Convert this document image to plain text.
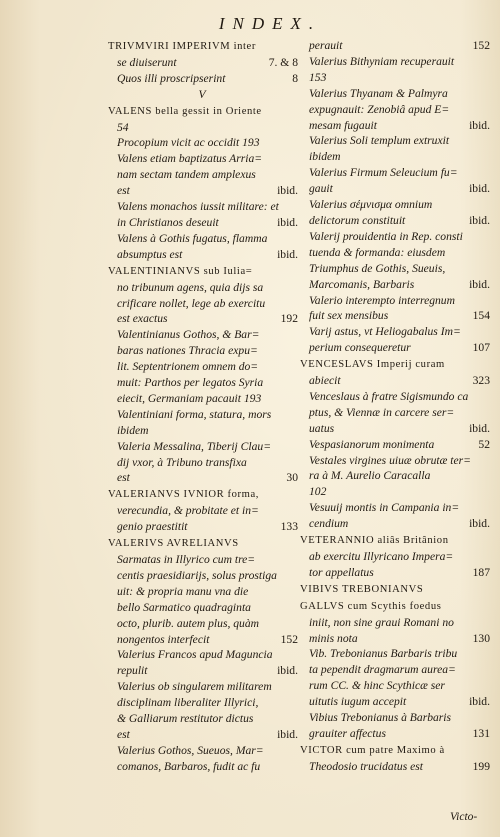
INDEX.
TRIVMVIRI IMPERIVM inter
se diuiserunt	7. & 8
Quos illi proscripserint	8
V
VALENS bella gessit in Oriente
54
Procopium vicit ac occidit 193
Valens etiam baptizatus Arria=
nam sectam tandem amplexus
est	ibid.
Valens monachos iussit militare: et
in Christianos deseuit	ibid.
Valens à Gothis fugatus, flamma
absumptus est	ibid.
VALENTINIANVS sub Iulia=
no tribunum agens, quia dijs sa
crificare nollet, lege ab exercitu
est exactus	192
Valentinianus Gothos, & Bar=
baras nationes Thracia expu=
lit. Septentrionem omnem do=
muit: Parthos per legatos Syria
eiecit, Germaniam pacauit 193
Valentiniani forma, statura, mors
ibidem
Valeria Messalina, Tiberij Clau=
dij vxor, à Tribuno transfixa
est	30
VALERIANVS IVNIOR forma,
verecundia, & probitate et in=
genio praestitit	133
VALERIVS AVRELIANVS
Sarmatas in Illyrico cum tre=
centis praesidiarijs, solus prostiga
uit: & propria manu vna die
bello Sarmatico quadraginta
octo, plurib. autem plus, quàm
nongentos interfecit	152
Valerius Francos apud Maguncia
repulit	ibid.
Valerius ob singularem militarem
disciplinam liberaliter Illyrici,
& Galliarum restitutor dictus
est	ibid.
Valerius Gothos, Sueuos, Mar=
comanos, Barbaros, fudit ac fu
perauit	152
Valerius Bithyniam recuperauit
153
Valerius Thyanam & Palmyra
expugnauit: Zenobiâ apud E=
mesam fugauit	ibid.
Valerius Soli templum extruxit
ibidem
Valerius Firmum Seleucium fu=
gauit	ibid.
Valerius σέμνισμα omnium
delictorum constituit	ibid.
Valerij prouidentia in Rep. consti
tuenda & formanda: eiusdem
Triumphus de Gothis, Sueuis,
Marcomanis, Barbaris	ibid.
Valerio interempto interregnum
fuit sex mensibus	154
Varij astus, vt Heliogabalus Im=
perium consequeretur	107
VENCESLAVS Imperij curam
abiecit	323
Venceslaus à fratre Sigismundo ca
ptus, & Viennæ in carcere ser=
uatus	ibid.
Vespasianorum monimenta	52
Vestales virgines uiuæ obrutæ ter=
ra à M. Aurelio Caracalla
102
Vesuuij montis in Campania in=
cendium	ibid.
VETERANNIO aliâs Britânion
ab exercitu Illyricano Impera=
tor appellatus	187
VIBIVS TREBONIANVS
GALLVS cum Scythis foedus
iniit, non sine graui Romani no
minis nota	130
Vib. Trebonianus Barbaris tribu
ta pependit dragmarum aurea=
rum CC. & hinc Scythicæ ser
uitutis iugum accepit	ibid.
Vibius Trebonianus à Barbaris
grauiter affectus	131
VICTOR cum patre Maximo à
Theodosio trucidatus est	199
Victo-
